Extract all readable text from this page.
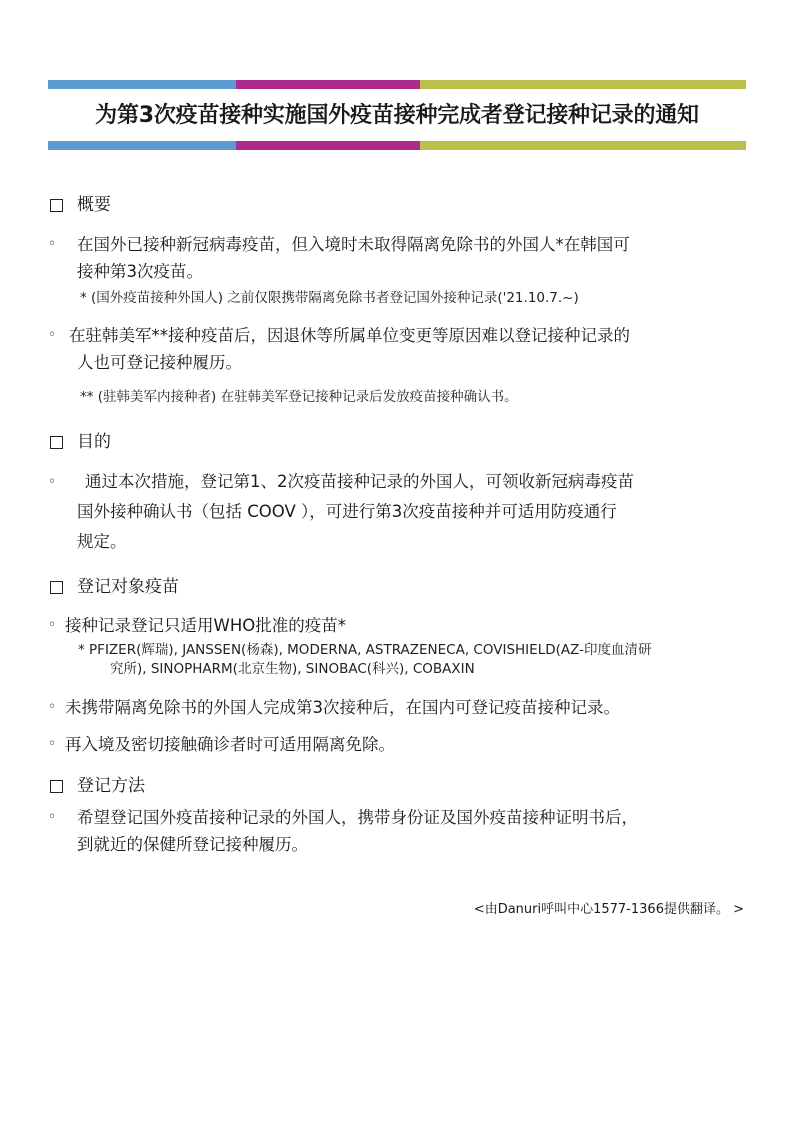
为第3次疫苗接种实施国外疫苗接种完成者登记接种记录的通知
概要
◦	在国外已接种新冠病毒疫苗，但入境时未取得隔离免除书的外国人*在韩国可
接种第3次疫苗。
* (国外疫苗接种外国人) 之前仅限携带隔离免除书者登记国外接种记录('21.10.7.~)
◦ 在驻韩美军**接种疫苗后，因退休等所属单位变更等原因难以登记接种记录的
人也可登记接种履历。
** (驻韩美军内接种者) 在驻韩美军登记接种记录后发放疫苗接种确认书。
目的
◦	通过本次措施，登记第1、2次疫苗接种记录的外国人，可领收新冠病毒疫苗
国外接种确认书（包括 COOV ），可进行第3次疫苗接种并可适用防疫通行
规定。
登记对象疫苗
◦ 接种记录登记只适用WHO批准的疫苗*
* PFIZER(辉瑞), JANSSEN(杨森), MODERNA, ASTRAZENECA, COVISHIELD(AZ-印度血清研
究所), SINOPHARM(北京生物), SINOBAC(科兴), COBAXIN
◦ 未携带隔离免除书的外国人完成第3次接种后，在国内可登记疫苗接种记录。
◦ 再入境及密切接触确诊者时可适用隔离免除。
登记方法
◦	希望登记国外疫苗接种记录的外国人，携带身份证及国外疫苗接种证明书后，
到就近的保健所登记接种履历。
<由Danuri呼叫中心1577-1366提供翻译。 >
